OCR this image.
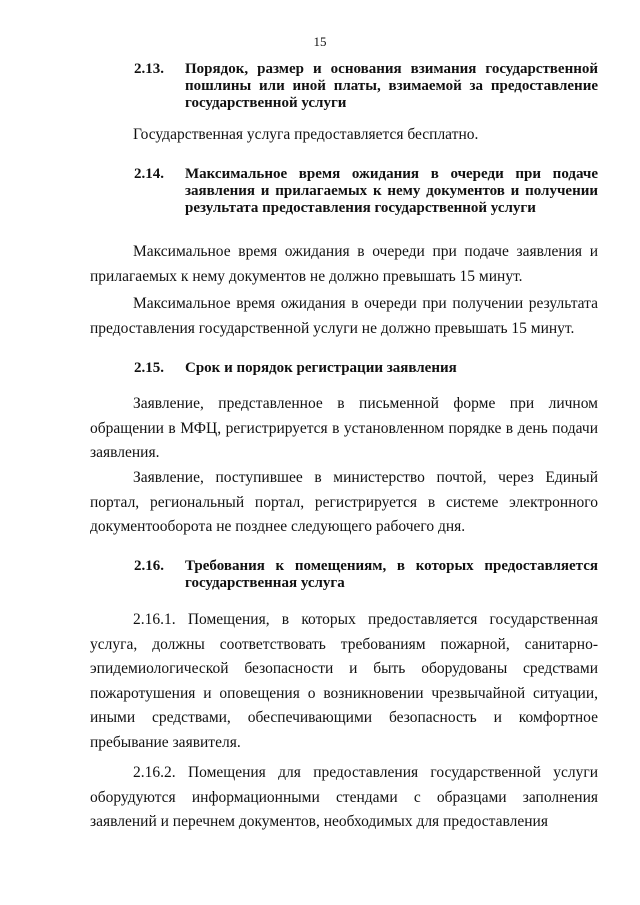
15
2.13.	Порядок, размер и основания взимания государственной пошлины или иной платы, взимаемой за предоставление государственной услуги

Государственная услуга предоставляется бесплатно.

2.14.	Максимальное время ожидания в очереди при подаче заявления и прилагаемых к нему документов и получении результата предоставления государственной услуги

Максимальное время ожидания в очереди при подаче заявления и прилагаемых к нему документов не должно превышать 15 минут.

Максимальное время ожидания в очереди при получении результата предоставления государственной услуги не должно превышать 15 минут.

2.15.	Срок и порядок регистрации заявления

Заявление, представленное в письменной форме при личном обращении в МФЦ, регистрируется в установленном порядке в день подачи заявления.

Заявление, поступившее в министерство почтой, через Единый портал, региональный портал, регистрируется в системе электронного документооборота не позднее следующего рабочего дня.

2.16.	Требования к помещениям, в которых предоставляется государственная услуга

2.16.1. Помещения, в которых предоставляется государственная услуга, должны соответствовать требованиям пожарной, санитарно-эпидемиологической безопасности и быть оборудованы средствами пожаротушения и оповещения о возникновении чрезвычайной ситуации, иными средствами, обеспечивающими безопасность и комфортное пребывание заявителя.

2.16.2. Помещения для предоставления государственной услуги оборудуются информационными стендами с образцами заполнения заявлений и перечнем документов, необходимых для предоставления
